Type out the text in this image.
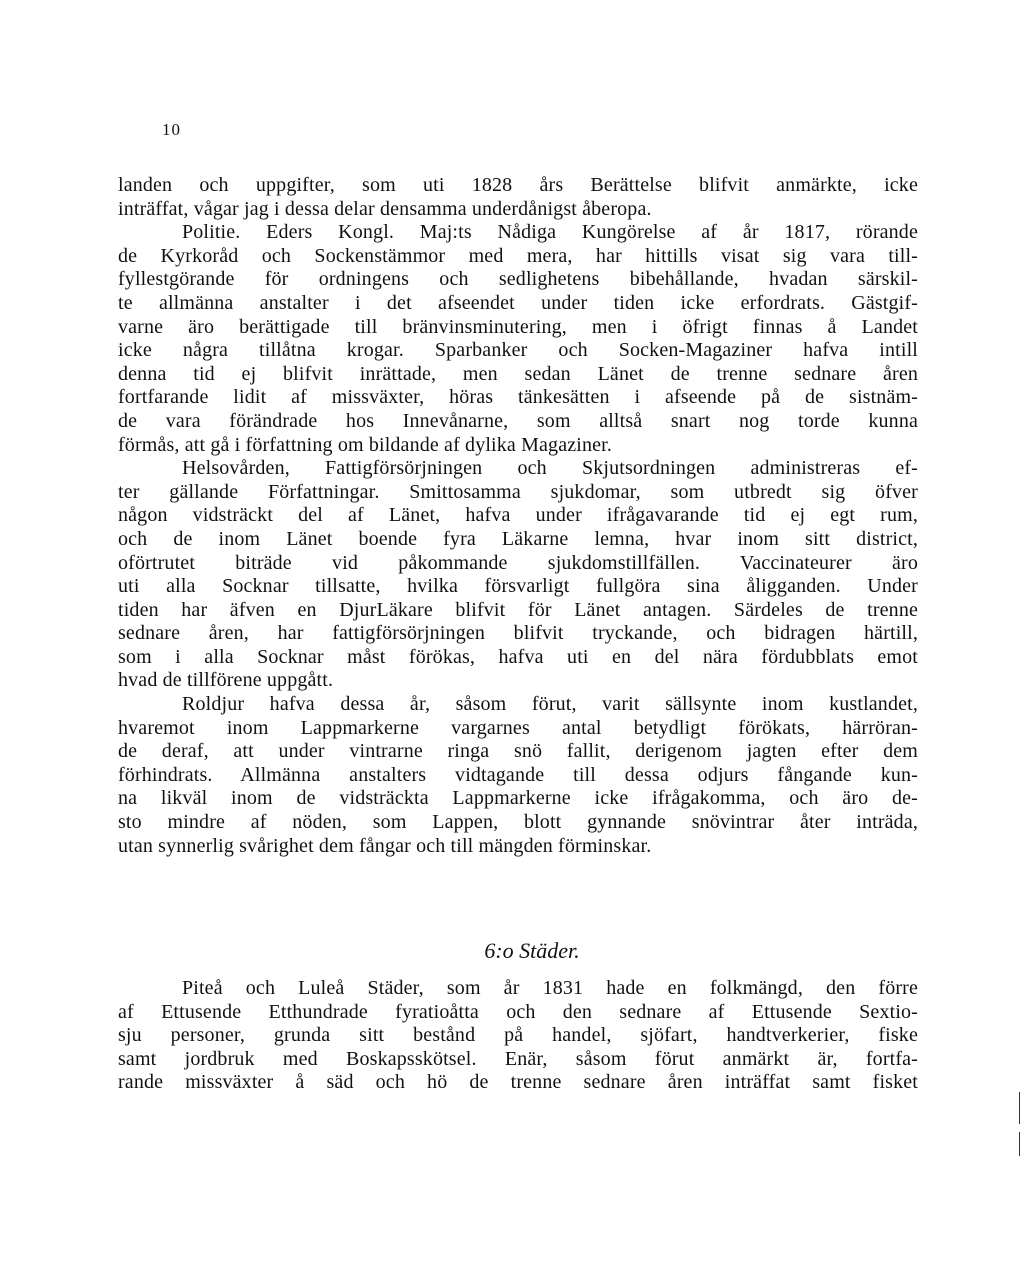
10
landen och uppgifter, som uti 1828 års Berättelse blifvit anmärkte, icke
inträffat, vågar jag i dessa delar densamma underdånigst åberopa.
Politie. Eders Kongl. Maj:ts Nådiga Kungörelse af år 1817, rörande
de Kyrkoråd och Sockenstämmor med mera, har hittills visat sig vara till-
fyllestgörande för ordningens och sedlighetens bibehållande, hvadan särskil-
te allmänna anstalter i det afseendet under tiden icke erfordrats. Gästgif-
varne äro berättigade till bränvinsminutering, men i öfrigt finnas å Landet
icke några tillåtna krogar. Sparbanker och Socken-Magaziner hafva intill
denna tid ej blifvit inrättade, men sedan Länet de trenne sednare åren
fortfarande lidit af missväxter, höras tänkesätten i afseende på de sistnäm-
de vara förändrade hos Innevånarne, som alltså snart nog torde kunna
förmås, att gå i författning om bildande af dylika Magaziner.
Helsovården, Fattigförsörjningen och Skjutsordningen administreras ef-
ter gällande Författningar. Smittosamma sjukdomar, som utbredt sig öfver
någon vidsträckt del af Länet, hafva under ifrågavarande tid ej egt rum,
och de inom Länet boende fyra Läkarne lemna, hvar inom sitt district,
oförtrutet biträde vid påkommande sjukdomstillfällen. Vaccinateurer äro
uti alla Socknar tillsatte, hvilka försvarligt fullgöra sina åligganden. Under
tiden har äfven en DjurLäkare blifvit för Länet antagen. Särdeles de trenne
sednare åren, har fattigförsörjningen blifvit tryckande, och bidragen härtill,
som i alla Socknar måst förökas, hafva uti en del nära fördubblats emot
hvad de tillförene uppgått.
Roldjur hafva dessa år, såsom förut, varit sällsynte inom kustlandet,
hvaremot inom Lappmarkerne vargarnes antal betydligt förökats, härröran-
de deraf, att under vintrarne ringa snö fallit, derigenom jagten efter dem
förhindrats. Allmänna anstalters vidtagande till dessa odjurs fångande kun-
na likväl inom de vidsträckta Lappmarkerne icke ifrågakomma, och äro de-
sto mindre af nöden, som Lappen, blott gynnande snövintrar åter inträda,
utan synnerlig svårighet dem fångar och till mängden förminskar.
6:o Städer.
Piteå och Luleå Städer, som år 1831 hade en folkmängd, den förre
af Ettusende Etthundrade fyratioåtta och den sednare af Ettusende Sextio-
sju personer, grunda sitt bestånd på handel, sjöfart, handtverkerier, fiske
samt jordbruk med Boskapsskötsel. Enär, såsom förut anmärkt är, fortfa-
rande missväxter å säd och hö de trenne sednare åren inträffat samt fisket
